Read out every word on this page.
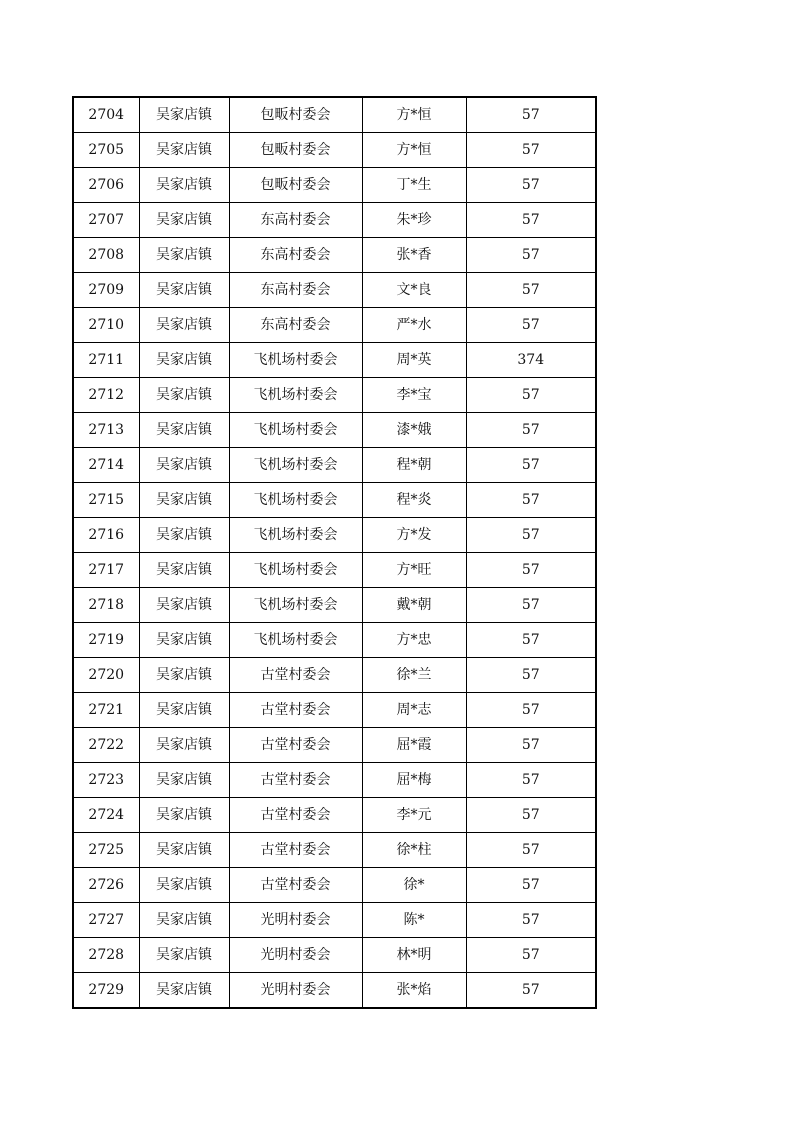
2704	吴家店镇	包畈村委会	方*恒	57
2705	吴家店镇	包畈村委会	方*恒	57
2706	吴家店镇	包畈村委会	丁*生	57
2707	吴家店镇	东高村委会	朱*珍	57
2708	吴家店镇	东高村委会	张*香	57
2709	吴家店镇	东高村委会	文*良	57
2710	吴家店镇	东高村委会	严*水	57
2711	吴家店镇	飞机场村委会	周*英	374
2712	吴家店镇	飞机场村委会	李*宝	57
2713	吴家店镇	飞机场村委会	漆*娥	57
2714	吴家店镇	飞机场村委会	程*朝	57
2715	吴家店镇	飞机场村委会	程*炎	57
2716	吴家店镇	飞机场村委会	方*发	57
2717	吴家店镇	飞机场村委会	方*旺	57
2718	吴家店镇	飞机场村委会	戴*朝	57
2719	吴家店镇	飞机场村委会	方*忠	57
2720	吴家店镇	古堂村委会	徐*兰	57
2721	吴家店镇	古堂村委会	周*志	57
2722	吴家店镇	古堂村委会	屈*霞	57
2723	吴家店镇	古堂村委会	屈*梅	57
2724	吴家店镇	古堂村委会	李*元	57
2725	吴家店镇	古堂村委会	徐*柱	57
2726	吴家店镇	古堂村委会	徐*	57
2727	吴家店镇	光明村委会	陈*	57
2728	吴家店镇	光明村委会	林*明	57
2729	吴家店镇	光明村委会	张*焰	57
